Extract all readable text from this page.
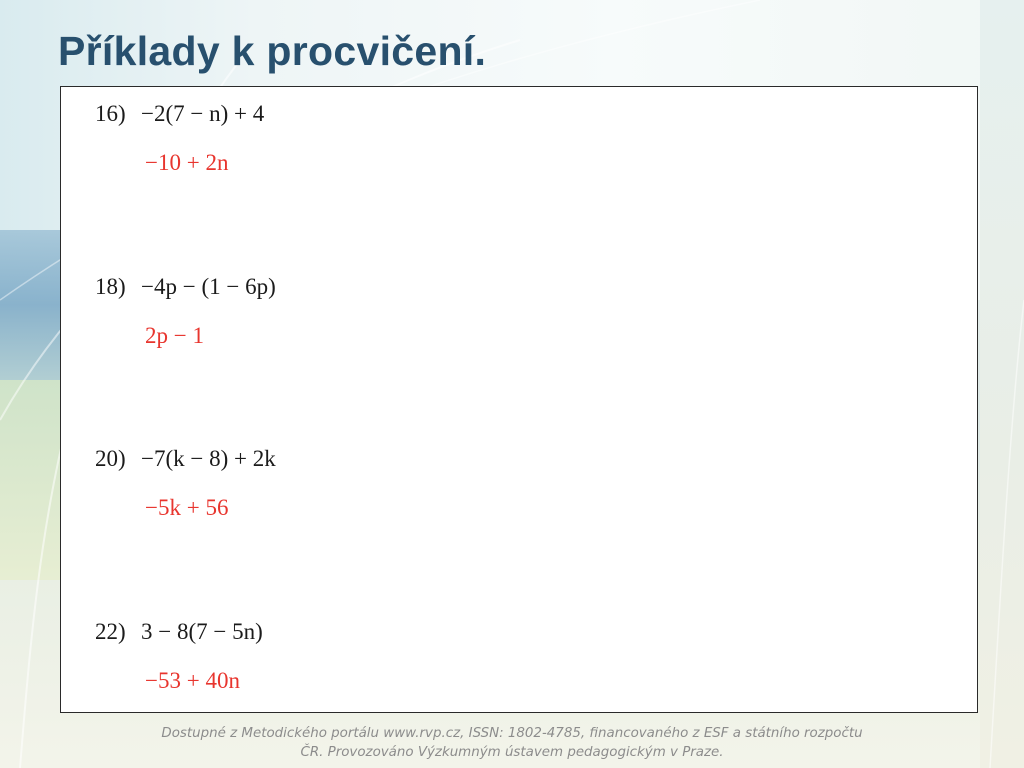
Příklady k procvičení.
16) −2(7 − n) + 4
−10 + 2n
18) −4p − (1 − 6p)
2p − 1
20) −7(k − 8) + 2k
−5k + 56
22) 3 − 8(7 − 5n)
−53 + 40n
Dostupné z Metodického portálu www.rvp.cz, ISSN: 1802-4785, financovaného z ESF a státního rozpočtu
ČR. Provozováno Výzkumným ústavem pedagogickým v Praze.
